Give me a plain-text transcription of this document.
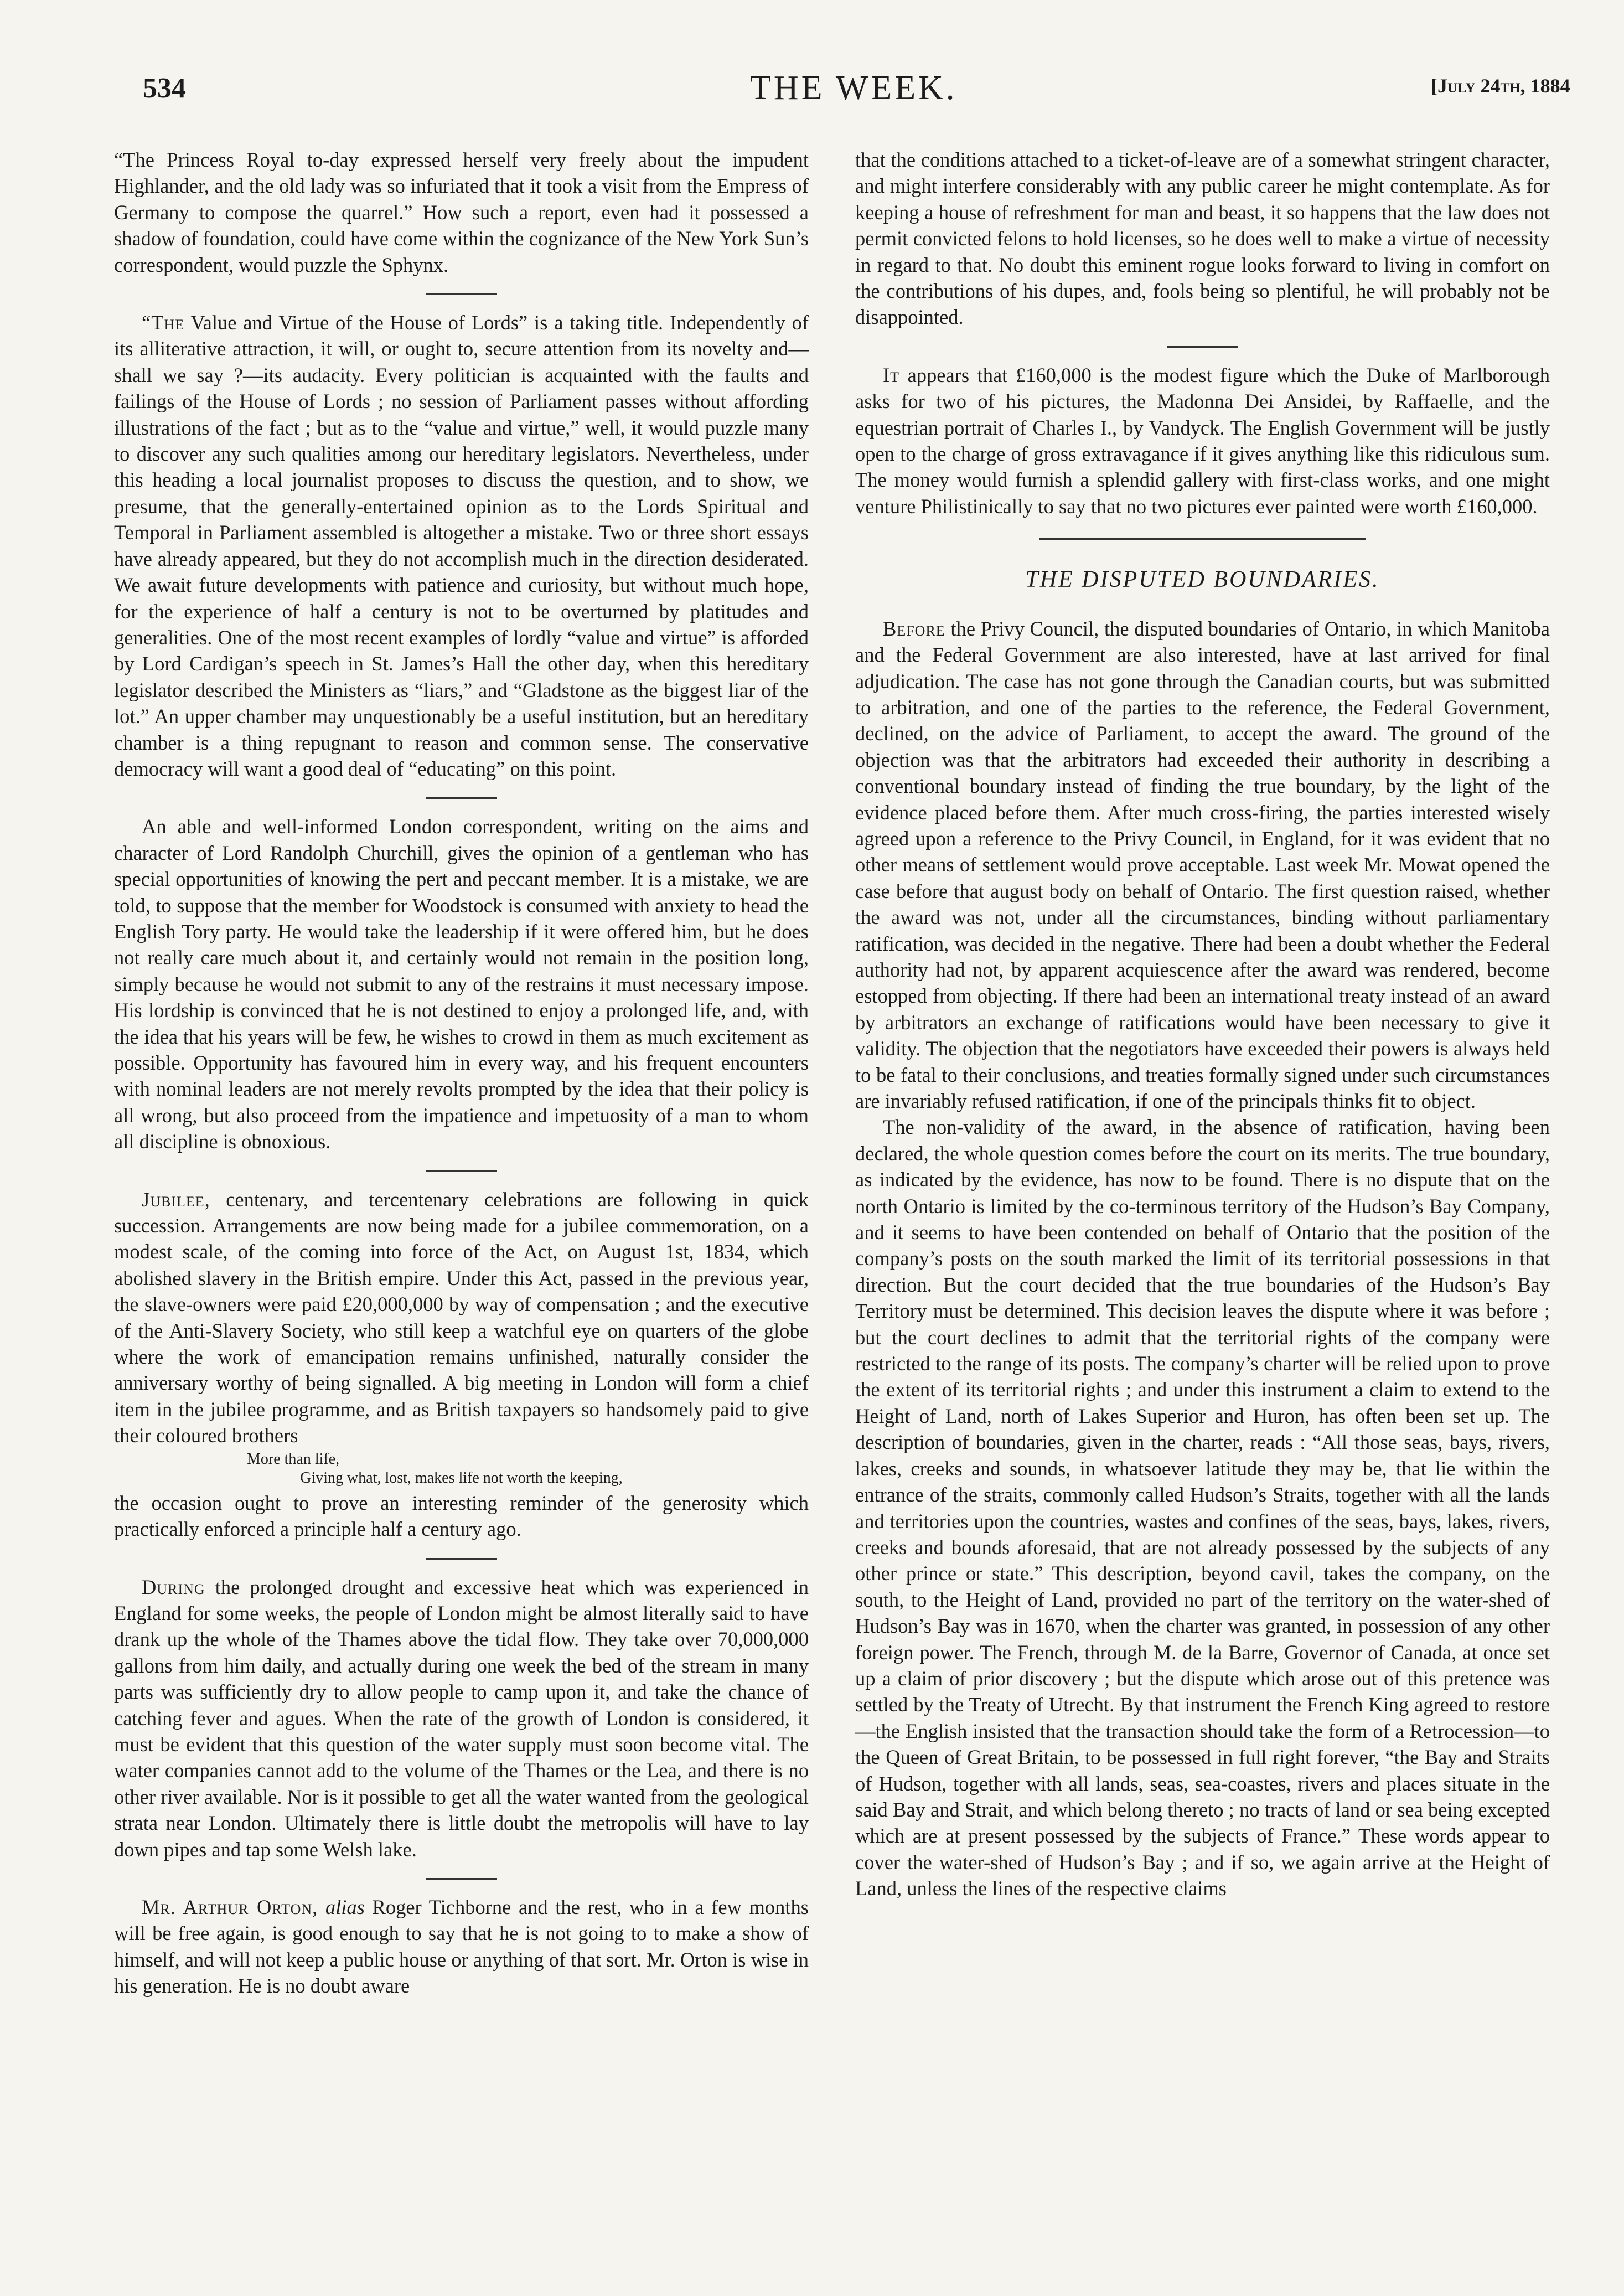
534	THE WEEK.	[July 24th, 1884

“The Princess Royal to-day expressed herself very freely about the impudent Highlander, and the old lady was so infuriated that it took a visit from the Empress of Germany to compose the quarrel.” How such a report, even had it possessed a shadow of foundation, could have come within the cognizance of the New York Sun’s correspondent, would puzzle the Sphynx.

“The Value and Virtue of the House of Lords” is a taking title. Independently of its alliterative attraction, it will, or ought to, secure attention from its novelty and—shall we say ?—its audacity. Every politician is acquainted with the faults and failings of the House of Lords ; no session of Parliament passes without affording illustrations of the fact ; but as to the “value and virtue,” well, it would puzzle many to discover any such qualities among our hereditary legislators. Nevertheless, under this heading a local journalist proposes to discuss the question, and to show, we presume, that the generally-entertained opinion as to the Lords Spiritual and Temporal in Parliament assembled is altogether a mistake. Two or three short essays have already appeared, but they do not accomplish much in the direction desiderated. We await future developments with patience and curiosity, but without much hope, for the experience of half a century is not to be overturned by platitudes and generalities. One of the most recent examples of lordly “value and virtue” is afforded by Lord Cardigan’s speech in St. James’s Hall the other day, when this hereditary legislator described the Ministers as “liars,” and “Gladstone as the biggest liar of the lot.” An upper chamber may unquestionably be a useful institution, but an hereditary chamber is a thing repugnant to reason and common sense. The conservative democracy will want a good deal of “educating” on this point.

An able and well-informed London correspondent, writing on the aims and character of Lord Randolph Churchill, gives the opinion of a gentleman who has special opportunities of knowing the pert and peccant member. It is a mistake, we are told, to suppose that the member for Woodstock is consumed with anxiety to head the English Tory party. He would take the leadership if it were offered him, but he does not really care much about it, and certainly would not remain in the position long, simply because he would not submit to any of the restrains it must necessary impose. His lordship is convinced that he is not destined to enjoy a prolonged life, and, with the idea that his years will be few, he wishes to crowd in them as much excitement as possible. Opportunity has favoured him in every way, and his frequent encounters with nominal leaders are not merely revolts prompted by the idea that their policy is all wrong, but also proceed from the impatience and impetuosity of a man to whom all discipline is obnoxious.

Jubilee, centenary, and tercentenary celebrations are following in quick succession. Arrangements are now being made for a jubilee commemoration, on a modest scale, of the coming into force of the Act, on August 1st, 1834, which abolished slavery in the British empire. Under this Act, passed in the previous year, the slave-owners were paid £20,000,000 by way of compensation ; and the executive of the Anti-Slavery Society, who still keep a watchful eye on quarters of the globe where the work of emancipation remains unfinished, naturally consider the anniversary worthy of being signalled. A big meeting in London will form a chief item in the jubilee programme, and as British taxpayers so handsomely paid to give their coloured brothers

More than life,
Giving what, lost, makes life not worth the keeping,

the occasion ought to prove an interesting reminder of the generosity which practically enforced a principle half a century ago.

During the prolonged drought and excessive heat which was experienced in England for some weeks, the people of London might be almost literally said to have drank up the whole of the Thames above the tidal flow. They take over 70,000,000 gallons from him daily, and actually during one week the bed of the stream in many parts was sufficiently dry to allow people to camp upon it, and take the chance of catching fever and agues. When the rate of the growth of London is considered, it must be evident that this question of the water supply must soon become vital. The water companies cannot add to the volume of the Thames or the Lea, and there is no other river available. Nor is it possible to get all the water wanted from the geological strata near London. Ultimately there is little doubt the metropolis will have to lay down pipes and tap some Welsh lake.

Mr. Arthur Orton, alias Roger Tichborne and the rest, who in a few months will be free again, is good enough to say that he is not going to to make a show of himself, and will not keep a public house or anything of that sort. Mr. Orton is wise in his generation. He is no doubt aware

that the conditions attached to a ticket-of-leave are of a somewhat stringent character, and might interfere considerably with any public career he might contemplate. As for keeping a house of refreshment for man and beast, it so happens that the law does not permit convicted felons to hold licenses, so he does well to make a virtue of necessity in regard to that. No doubt this eminent rogue looks forward to living in comfort on the contributions of his dupes, and, fools being so plentiful, he will probably not be disappointed.

It appears that £160,000 is the modest figure which the Duke of Marlborough asks for two of his pictures, the Madonna Dei Ansidei, by Raffaelle, and the equestrian portrait of Charles I., by Vandyck. The English Government will be justly open to the charge of gross extravagance if it gives anything like this ridiculous sum. The money would furnish a splendid gallery with first-class works, and one might venture Philistinically to say that no two pictures ever painted were worth £160,000.

THE DISPUTED BOUNDARIES.

Before the Privy Council, the disputed boundaries of Ontario, in which Manitoba and the Federal Government are also interested, have at last arrived for final adjudication. The case has not gone through the Canadian courts, but was submitted to arbitration, and one of the parties to the reference, the Federal Government, declined, on the advice of Parliament, to accept the award. The ground of the objection was that the arbitrators had exceeded their authority in describing a conventional boundary instead of finding the true boundary, by the light of the evidence placed before them. After much cross-firing, the parties interested wisely agreed upon a reference to the Privy Council, in England, for it was evident that no other means of settlement would prove acceptable. Last week Mr. Mowat opened the case before that august body on behalf of Ontario. The first question raised, whether the award was not, under all the circumstances, binding without parliamentary ratification, was decided in the negative. There had been a doubt whether the Federal authority had not, by apparent acquiescence after the award was rendered, become estopped from objecting. If there had been an international treaty instead of an award by arbitrators an exchange of ratifications would have been necessary to give it validity. The objection that the negotiators have exceeded their powers is always held to be fatal to their conclusions, and treaties formally signed under such circumstances are invariably refused ratification, if one of the principals thinks fit to object.

The non-validity of the award, in the absence of ratification, having been declared, the whole question comes before the court on its merits. The true boundary, as indicated by the evidence, has now to be found. There is no dispute that on the north Ontario is limited by the co-terminous territory of the Hudson’s Bay Company, and it seems to have been contended on behalf of Ontario that the position of the company’s posts on the south marked the limit of its territorial possessions in that direction. But the court decided that the true boundaries of the Hudson’s Bay Territory must be determined. This decision leaves the dispute where it was before ; but the court declines to admit that the territorial rights of the company were restricted to the range of its posts. The company’s charter will be relied upon to prove the extent of its territorial rights ; and under this instrument a claim to extend to the Height of Land, north of Lakes Superior and Huron, has often been set up. The description of boundaries, given in the charter, reads : “All those seas, bays, rivers, lakes, creeks and sounds, in whatsoever latitude they may be, that lie within the entrance of the straits, commonly called Hudson’s Straits, together with all the lands and territories upon the countries, wastes and confines of the seas, bays, lakes, rivers, creeks and bounds aforesaid, that are not already possessed by the subjects of any other prince or state.” This description, beyond cavil, takes the company, on the south, to the Height of Land, provided no part of the territory on the water-shed of Hudson’s Bay was in 1670, when the charter was granted, in possession of any other foreign power. The French, through M. de la Barre, Governor of Canada, at once set up a claim of prior discovery ; but the dispute which arose out of this pretence was settled by the Treaty of Utrecht. By that instrument the French King agreed to restore—the English insisted that the transaction should take the form of a Retrocession—to the Queen of Great Britain, to be possessed in full right forever, “the Bay and Straits of Hudson, together with all lands, seas, sea-coastes, rivers and places situate in the said Bay and Strait, and which belong thereto ; no tracts of land or sea being excepted which are at present possessed by the subjects of France.” These words appear to cover the water-shed of Hudson’s Bay ; and if so, we again arrive at the Height of Land, unless the lines of the respective claims
